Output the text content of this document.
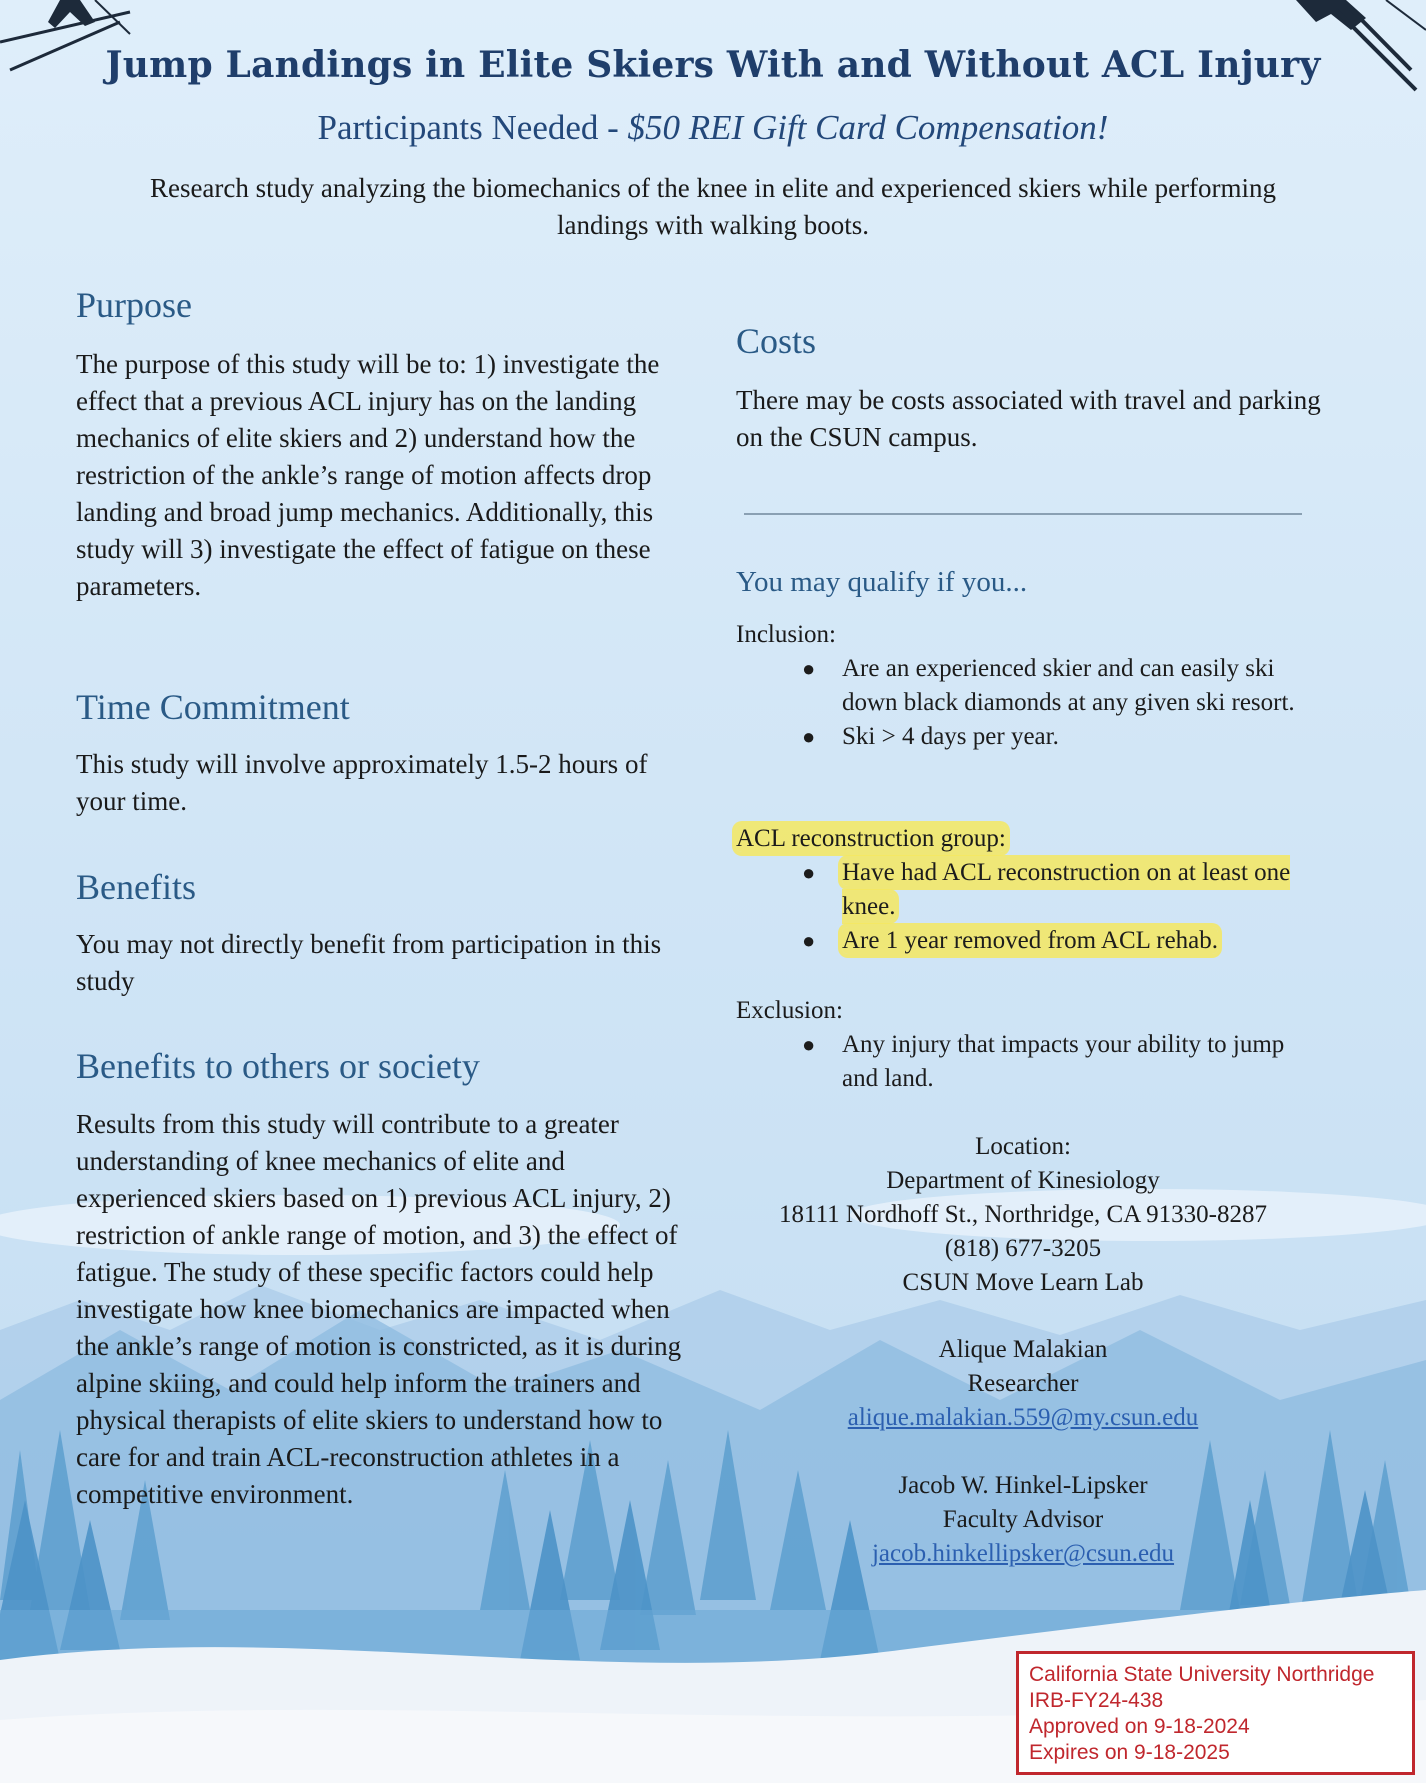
Jump Landings in Elite Skiers With and Without ACL Injury
Participants Needed - $50 REI Gift Card Compensation!
Research study analyzing the biomechanics of the knee in elite and experienced skiers while performing landings with walking boots.
Purpose
The purpose of this study will be to: 1) investigate the effect that a previous ACL injury has on the landing mechanics of elite skiers and 2) understand how the restriction of the ankle’s range of motion affects drop landing and broad jump mechanics. Additionally, this study will 3) investigate the effect of fatigue on these parameters.
Time Commitment
This study will involve approximately 1.5-2 hours of your time.
Benefits
You may not directly benefit from participation in this study
Benefits to others or society
Results from this study will contribute to a greater understanding of knee mechanics of elite and experienced skiers based on 1) previous ACL injury, 2) restriction of ankle range of motion, and 3) the effect of fatigue. The study of these specific factors could help investigate how knee biomechanics are impacted when the ankle’s range of motion is constricted, as it is during alpine skiing, and could help inform the trainers and physical therapists of elite skiers to understand how to care for and train ACL-reconstruction athletes in a competitive environment.
Costs
There may be costs associated with travel and parking on the CSUN campus.
You may qualify if you...
Inclusion:
● Are an experienced skier and can easily ski down black diamonds at any given ski resort.
● Ski > 4 days per year.
ACL reconstruction group:
● Have had ACL reconstruction on at least one knee.
● Are 1 year removed from ACL rehab.
Exclusion:
● Any injury that impacts your ability to jump and land.
Location:
Department of Kinesiology
18111 Nordhoff St., Northridge, CA 91330-8287
(818) 677-3205
CSUN Move Learn Lab
Alique Malakian
Researcher
alique.malakian.559@my.csun.edu
Jacob W. Hinkel-Lipsker
Faculty Advisor
jacob.hinkellipsker@csun.edu
California State University Northridge
IRB-FY24-438
Approved on 9-18-2024
Expires on 9-18-2025
